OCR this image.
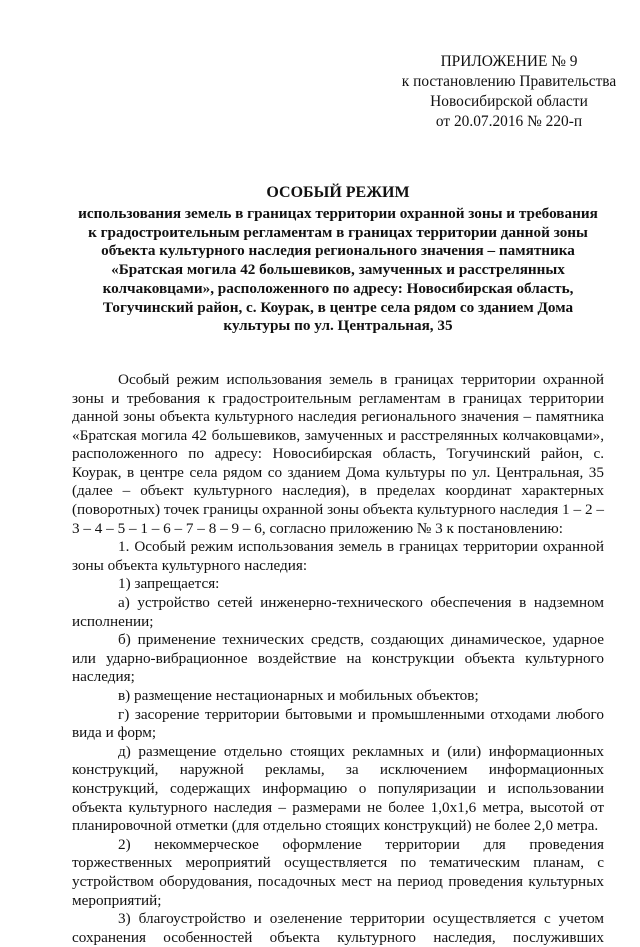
ПРИЛОЖЕНИЕ № 9
к постановлению Правительства
Новосибирской области
от 20.07.2016 № 220-п
ОСОБЫЙ РЕЖИМ
использования земель в границах территории охранной зоны и требования к градостроительным регламентам в границах территории данной зоны объекта культурного наследия регионального значения – памятника «Братская могила 42 большевиков, замученных и расстрелянных колчаковцами», расположенного по адресу: Новосибирская область, Тогучинский район, с. Коурак, в центре села рядом со зданием Дома культуры по ул. Центральная, 35

Особый режим использования земель в границах территории охранной зоны и требования к градостроительным регламентам в границах территории данной зоны объекта культурного наследия регионального значения – памятника «Братская могила 42 большевиков, замученных и расстрелянных колчаковцами», расположенного по адресу: Новосибирская область, Тогучинский район, с. Коурак, в центре села рядом со зданием Дома культуры по ул. Центральная, 35 (далее – объект культурного наследия), в пределах координат характерных (поворотных) точек границы охранной зоны объекта культурного наследия 1 – 2 – 3 – 4 – 5 – 1 – 6 – 7 – 8 – 9 – 6, согласно приложению № 3 к постановлению:

1. Особый режим использования земель в границах территории охранной зоны объекта культурного наследия:

1) запрещается:

а) устройство сетей инженерно-технического обеспечения в надземном исполнении;

б) применение технических средств, создающих динамическое, ударное или ударно-вибрационное воздействие на конструкции объекта культурного наследия;

в) размещение нестационарных и мобильных объектов;

г) засорение территории бытовыми и промышленными отходами любого вида и форм;

д) размещение отдельно стоящих рекламных и (или) информационных конструкций, наружной рекламы, за исключением информационных конструкций, содержащих информацию о популяризации и использовании объекта культурного наследия – размерами не более 1,0х1,6 метра, высотой от планировочной отметки (для отдельно стоящих конструкций) не более 2,0 метра.

2) некоммерческое оформление территории для проведения торжественных мероприятий осуществляется по тематическим планам, с устройством оборудования, посадочных мест на период проведения культурных мероприятий;

3) благоустройство и озеленение территории осуществляется с учетом сохранения особенностей объекта культурного наследия, послуживших
